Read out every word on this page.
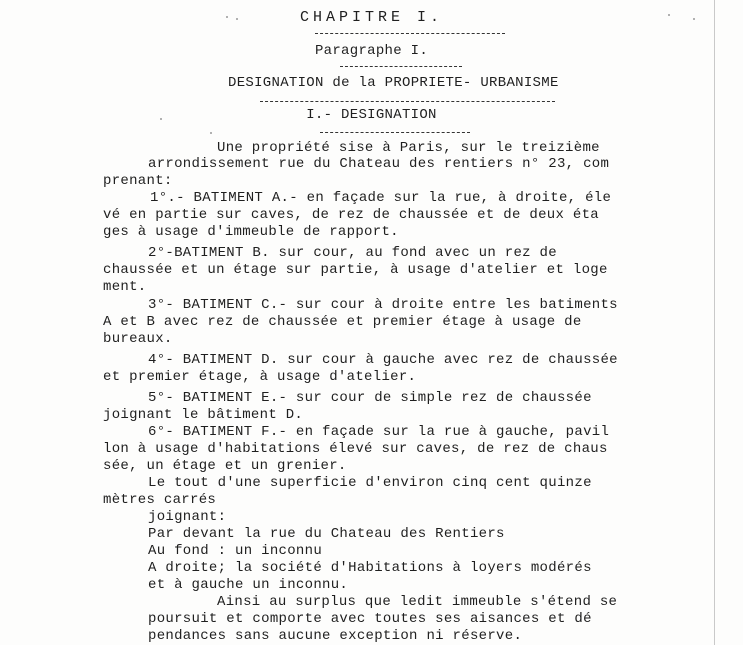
CHAPITRE I.
Paragraphe I.
DESIGNATION de la PROPRIETE- URBANISME
I.- DESIGNATION
Une propriété sise à Paris, sur le treizième
arrondissement rue du Chateau des rentiers n° 23, com
prenant:
1°.- BATIMENT A.- en façade sur la rue, à droite, éle
vé en partie sur caves, de rez de chaussée et de deux éta
ges à usage d'immeuble de rapport.
2°-BATIMENT B. sur cour, au fond avec un rez de
chaussée et un étage sur partie, à usage d'atelier et loge
ment.
3°- BATIMENT C.- sur cour à droite entre les batiments
A et B avec rez de chaussée et premier étage à usage de
bureaux.
4°- BATIMENT D. sur cour à gauche avec rez de chaussée
et premier étage, à usage d'atelier.
5°- BATIMENT E.- sur cour de simple rez de chaussée
joignant le bâtiment D.
6°- BATIMENT F.- en façade sur la rue à gauche, pavil
lon à usage d'habitations élevé sur caves, de rez de chaus
sée, un étage et un grenier.
Le tout d'une superficie d'environ cinq cent quinze
mètres carrés
joignant:
Par devant la rue du Chateau des Rentiers
Au fond : un inconnu
A droite; la société d'Habitations à loyers modérés
et à gauche un inconnu.
Ainsi au surplus que ledit immeuble s'étend se
poursuit et comporte avec toutes ses aisances et dé
pendances sans aucune exception ni réserve.
